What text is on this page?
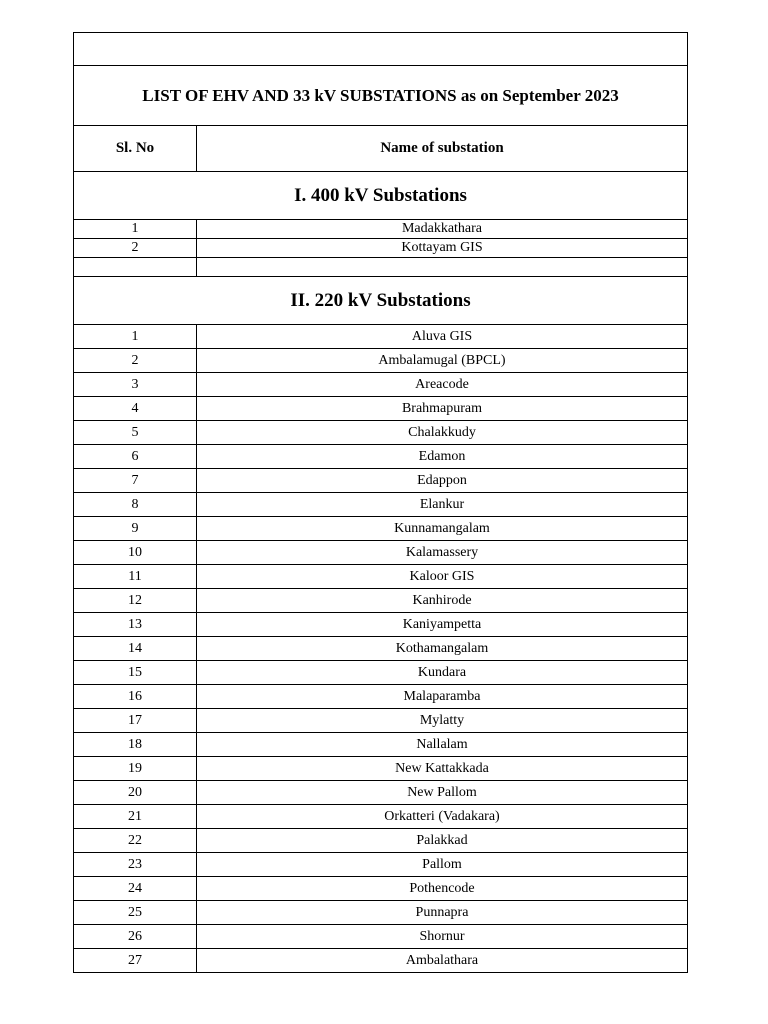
LIST OF EHV AND 33 kV SUBSTATIONS as on September 2023	
Sl. No	Name of substation
I. 400 kV Substations	
1	Madakkathara
2	Kottayam GIS

II. 220 kV Substations	
1	Aluva GIS
2	Ambalamugal (BPCL)
3	Areacode
4	Brahmapuram
5	Chalakkudy
6	Edamon
7	Edappon
8	Elankur
9	Kunnamangalam
10	Kalamassery
11	Kaloor GIS
12	Kanhirode
13	Kaniyampetta
14	Kothamangalam
15	Kundara
16	Malaparamba
17	Mylatty
18	Nallalam
19	New Kattakkada
20	New Pallom
21	Orkatteri (Vadakara)
22	Palakkad
23	Pallom
24	Pothencode
25	Punnapra
26	Shornur
27	Ambalathara
